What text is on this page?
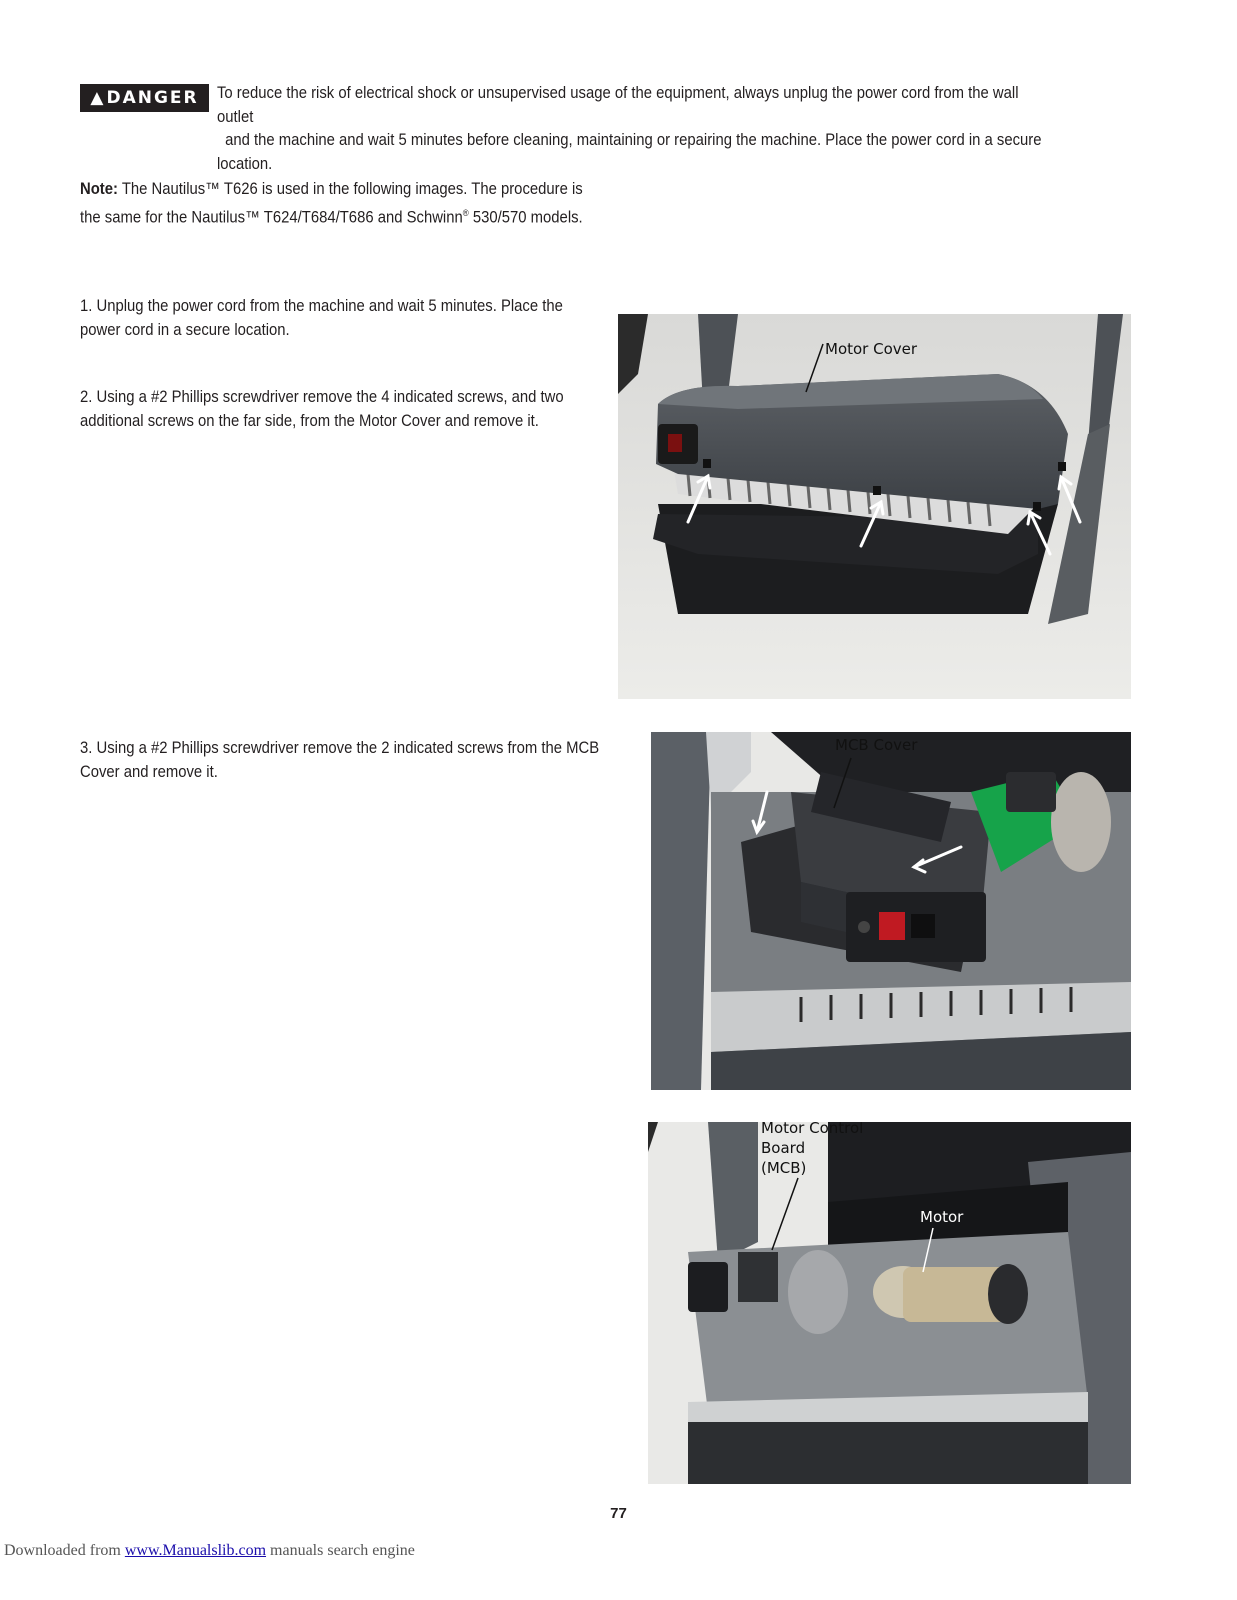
▲ DANGER To reduce the risk of electrical shock or unsupervised usage of the equipment, always unplug the power cord from the wall outlet
and the machine and wait 5 minutes before cleaning, maintaining or repairing the machine. Place the power cord in a secure
location.
Note: The Nautilus™ T626 is used in the following images. The procedure is the same for the Nautilus™ T624/T684/T686 and Schwinn® 530/570 models.
1. Unplug the power cord from the machine and wait 5 minutes. Place the power cord in a secure location.
2. Using a #2 Phillips screwdriver remove the 4 indicated screws, and two additional screws on the far side, from the Motor Cover and remove it.
3. Using a #2 Phillips screwdriver remove the 2 indicated screws from the MCB Cover and remove it.
Motor Cover
MCB Cover
Motor Control
Board
(MCB)
Motor
77
Downloaded from www.Manualslib.com manuals search engine
